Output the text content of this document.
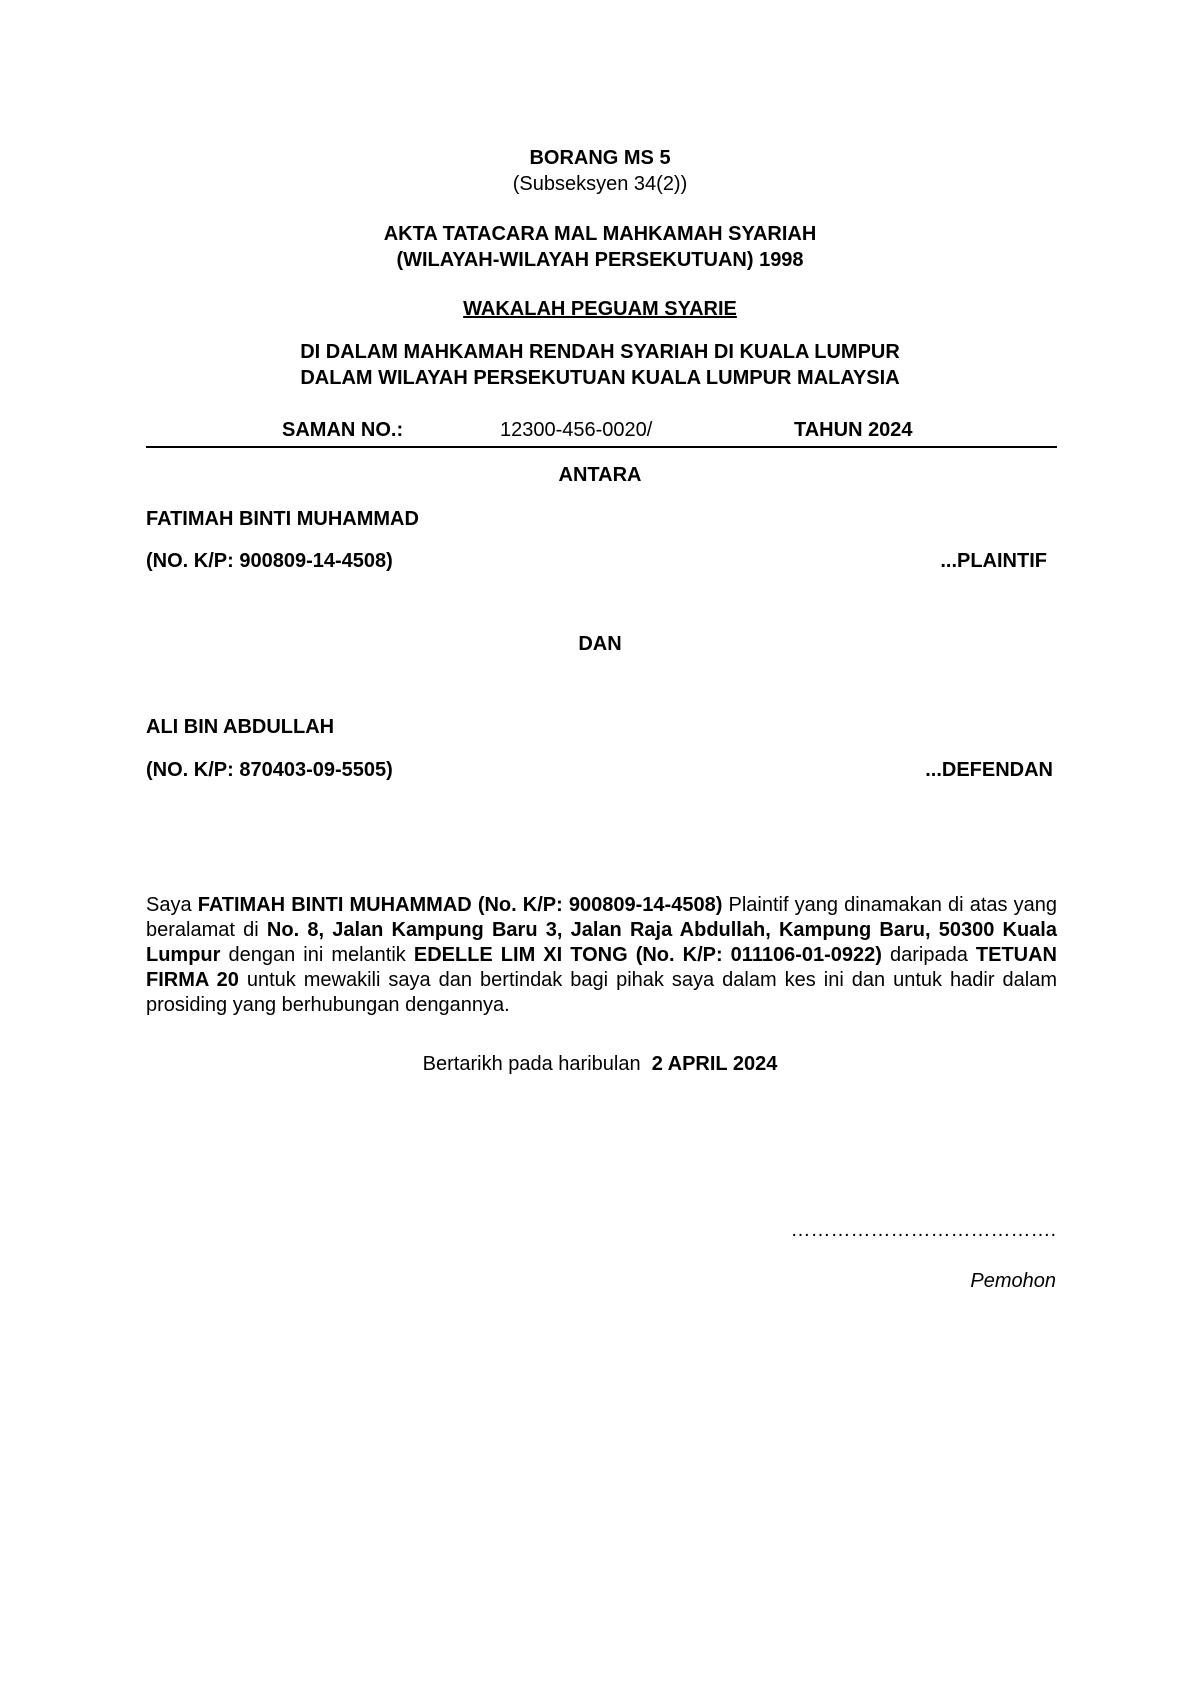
BORANG MS 5
(Subseksyen 34(2))
AKTA TATACARA MAL MAHKAMAH SYARIAH
(WILAYAH-WILAYAH PERSEKUTUAN) 1998
WAKALAH PEGUAM SYARIE
DI DALAM MAHKAMAH RENDAH SYARIAH DI KUALA LUMPUR
DALAM WILAYAH PERSEKUTUAN KUALA LUMPUR MALAYSIA
SAMAN NO.:	12300-456-0020/	TAHUN 2024
ANTARA
FATIMAH BINTI MUHAMMAD
(NO. K/P: 900809-14-4508)	...PLAINTIF
DAN
ALI BIN ABDULLAH
(NO. K/P: 870403-09-5505)	...DEFENDAN
Saya FATIMAH BINTI MUHAMMAD (No. K/P: 900809-14-4508) Plaintif yang dinamakan di atas yang beralamat di No. 8, Jalan Kampung Baru 3, Jalan Raja Abdullah, Kampung Baru, 50300 Kuala Lumpur dengan ini melantik EDELLE LIM XI TONG (No. K/P: 011106-01-0922) daripada TETUAN FIRMA 20 untuk mewakili saya dan bertindak bagi pihak saya dalam kes ini dan untuk hadir dalam prosiding yang berhubungan dengannya.
Bertarikh pada haribulan 2 APRIL 2024
………………………………….
Pemohon
